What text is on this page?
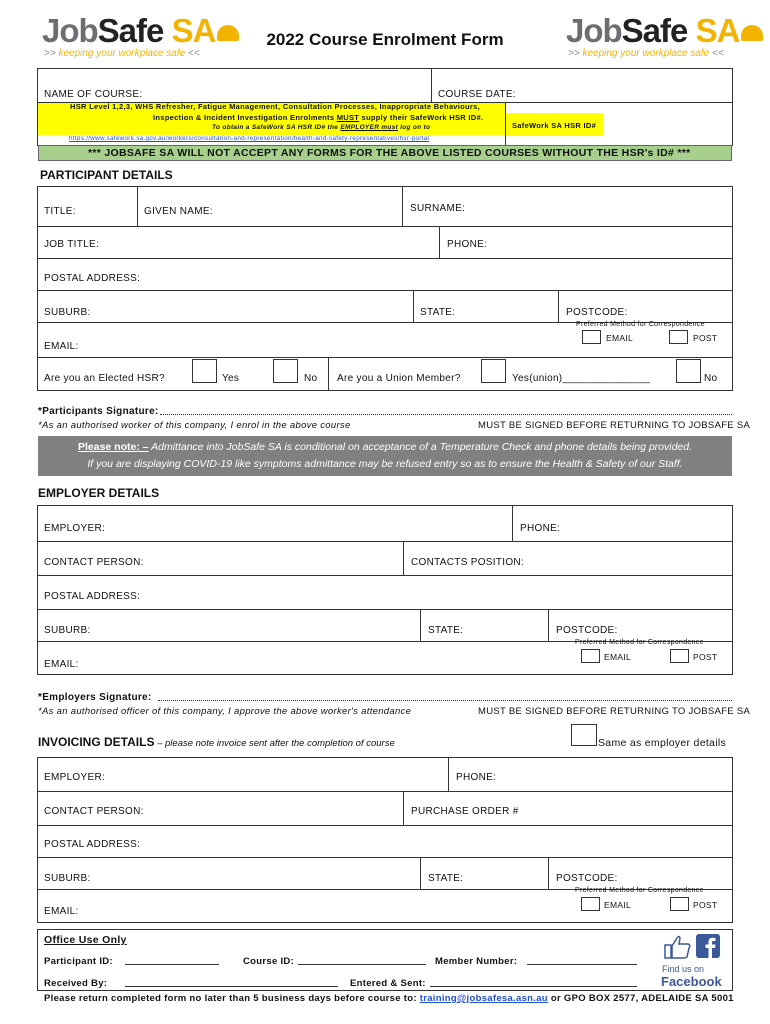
JobSafe SA
>> keeping your workplace safe <<
2022 Course Enrolment Form	JobSafe SA
>> keeping your workplace safe <<
NAME OF COURSE:	COURSE DATE:
HSR Level 1,2,3, WHS Refresher, Fatigue Management, Consultation Processes, Inappropriate Behaviours,
Inspection & Incident Investigation Enrolments MUST supply their SafeWork HSR ID#.
To obtain a SafeWork SA HSR ID# the EMPLOYER must log on to
https://www.safework.sa.gov.au/workers/consultation-and-representation/health-and-safety-representatives/hsr-portal
SafeWork SA HSR ID#
*** JOBSAFE SA WILL NOT ACCEPT ANY FORMS FOR THE ABOVE LISTED COURSES WITHOUT THE HSR's ID# ***
PARTICIPANT DETAILS
TITLE:	GIVEN NAME:	SURNAME:
JOB TITLE:	PHONE:
POSTAL ADDRESS:
SUBURB:	STATE:	POSTCODE:
Preferred Method for Correspondence
EMAIL	POST
EMAIL:
Are you an Elected HSR?	Yes	No Are you a Union Member?	Yes(union)_______________	No
*Participants Signature:
*As an authorised worker of this company, I enrol in the above course	MUST BE SIGNED BEFORE RETURNING TO JOBSAFE SA
Please note: – Admittance into JobSafe SA is conditional on acceptance of a Temperature Check and phone details being provided.
If you are displaying COVID-19 like symptoms admittance may be refused entry so as to ensure the Health & Safety of our Staff.
EMPLOYER DETAILS
EMPLOYER:	PHONE:
CONTACT PERSON:	CONTACTS POSITION:
POSTAL ADDRESS:
SUBURB:	STATE:	POSTCODE:
Preferred Method for Correspondence
EMAIL	POST
EMAIL:
*Employers Signature:
*As an authorised officer of this company, I approve the above worker's attendance	MUST BE SIGNED BEFORE RETURNING TO JOBSAFE SA
INVOICING DETAILS – please note invoice sent after the completion of course	Same as employer details
EMPLOYER:	PHONE:
CONTACT PERSON:	PURCHASE ORDER #
POSTAL ADDRESS:
SUBURB:	STATE:	POSTCODE:
Preferred Method for Correspondence
EMAIL	POST
EMAIL:
Office Use Only
Participant ID:	Course ID:	Member Number:
Received By:	Entered & Sent:
Find us on
Facebook
Please return completed form no later than 5 business days before course to: training@jobsafesa.asn.au or GPO BOX 2577, ADELAIDE SA 5001
